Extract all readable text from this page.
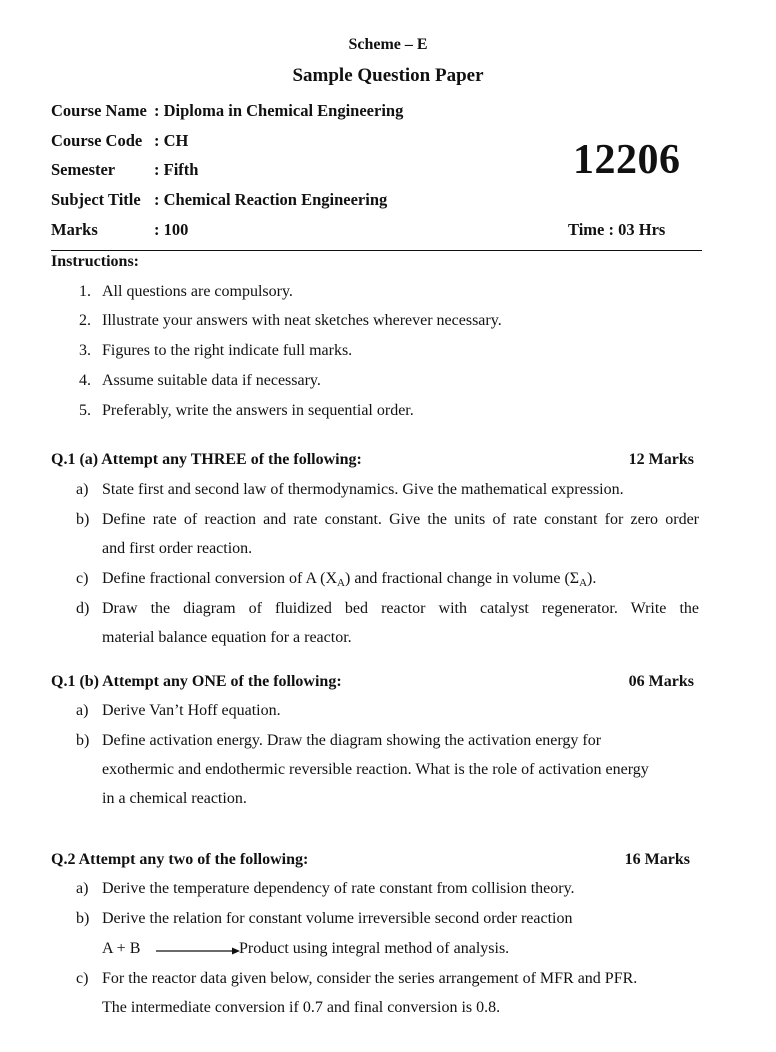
Scheme – E
Sample Question Paper
Course Name : Diploma in Chemical Engineering
Course Code : CH
Semester : Fifth
Subject Title : Chemical Reaction Engineering
Marks	: 100
12206
Time : 03 Hrs
Instructions:
1. All questions are compulsory.
2. Illustrate your answers with neat sketches wherever necessary.
3. Figures to the right indicate full marks.
4. Assume suitable data if necessary.
5. Preferably, write the answers in sequential order.
Q.1 (a) Attempt any THREE of the following:	12 Marks
a) State first and second law of thermodynamics. Give the mathematical expression.
b) Define rate of reaction and rate constant. Give the units of rate constant for zero order
and first order reaction.
c) Define fractional conversion of A $(X_A)$ and fractional change in volume $(\Sigma_A)$.
d) Draw the diagram of fluidized bed reactor with catalyst regenerator. Write the
material balance equation for a reactor.
Q.1 (b) Attempt any ONE of the following:	06 Marks
a) Derive Van’t Hoff equation.
b) Define activation energy. Draw the diagram showing the activation energy for
exothermic and endothermic reversible reaction. What is the role of activation energy
in a chemical reaction.
Q.2 Attempt any two of the following:	16 Marks
a) Derive the temperature dependency of rate constant from collision theory.
b) Derive the relation for constant volume irreversible second order reaction
A + B	Product using integral method of analysis.
c) For the reactor data given below, consider the series arrangement of MFR and PFR.
The intermediate conversion if 0.7 and final conversion is 0.8.
